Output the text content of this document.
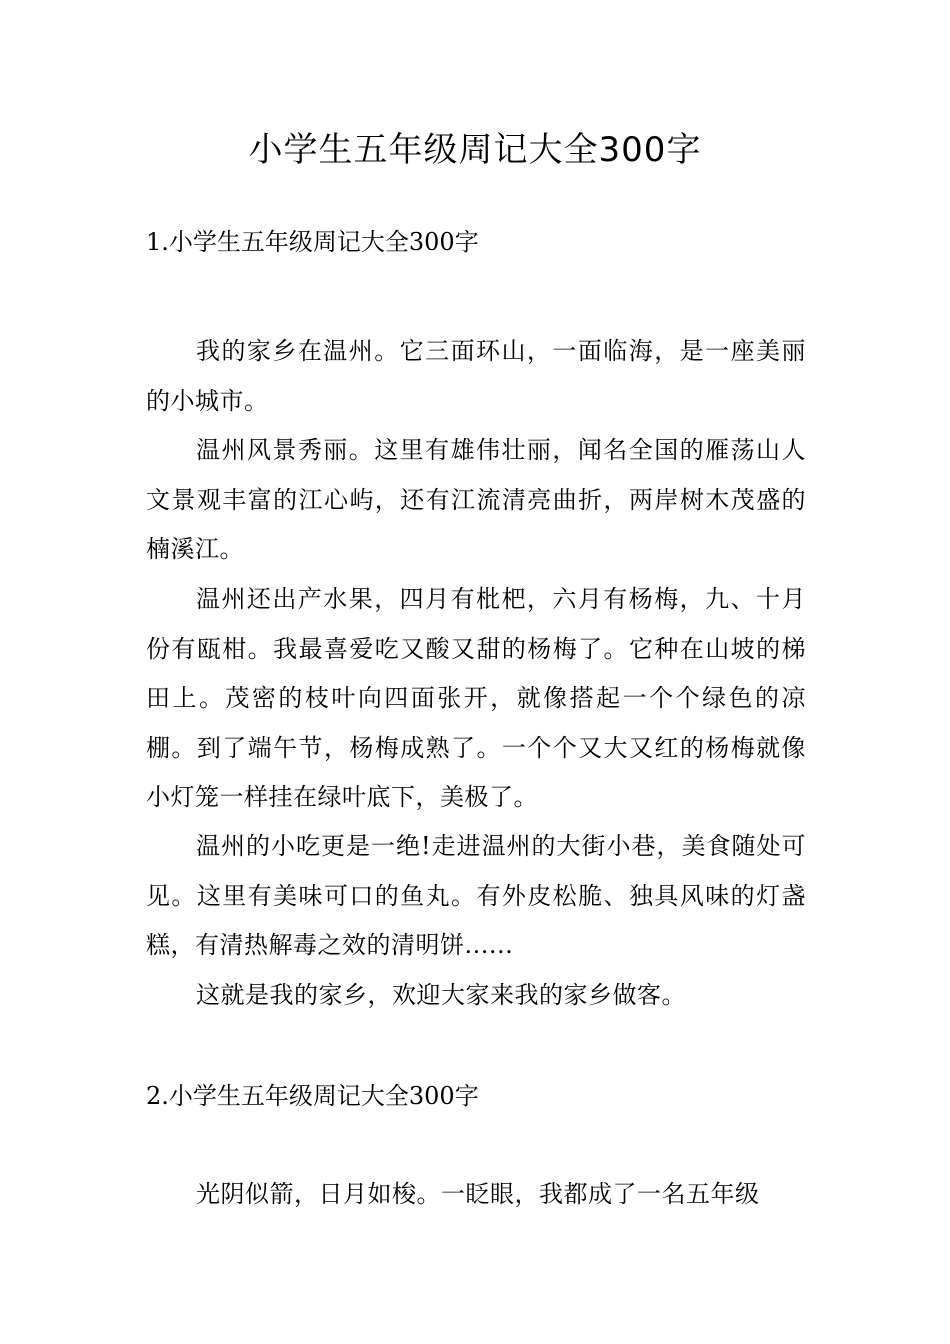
小学生五年级周记大全300字
1.小学生五年级周记大全300字

我的家乡在温州。它三面环山，一面临海，是一座美丽的小城市。

温州风景秀丽。这里有雄伟壮丽，闻名全国的雁荡山人文景观丰富的江心屿，还有江流清亮曲折，两岸树木茂盛的楠溪江。

温州还出产水果，四月有枇杷，六月有杨梅，九、十月份有瓯柑。我最喜爱吃又酸又甜的杨梅了。它种在山坡的梯田上。茂密的枝叶向四面张开，就像搭起一个个绿色的凉棚。到了端午节，杨梅成熟了。一个个又大又红的杨梅就像小灯笼一样挂在绿叶底下，美极了。

温州的小吃更是一绝!走进温州的大街小巷，美食随处可见。这里有美味可口的鱼丸。有外皮松脆、独具风味的灯盏糕，有清热解毒之效的清明饼......

这就是我的家乡，欢迎大家来我的家乡做客。

2.小学生五年级周记大全300字

光阴似箭，日月如梭。一眨眼，我都成了一名五年级
